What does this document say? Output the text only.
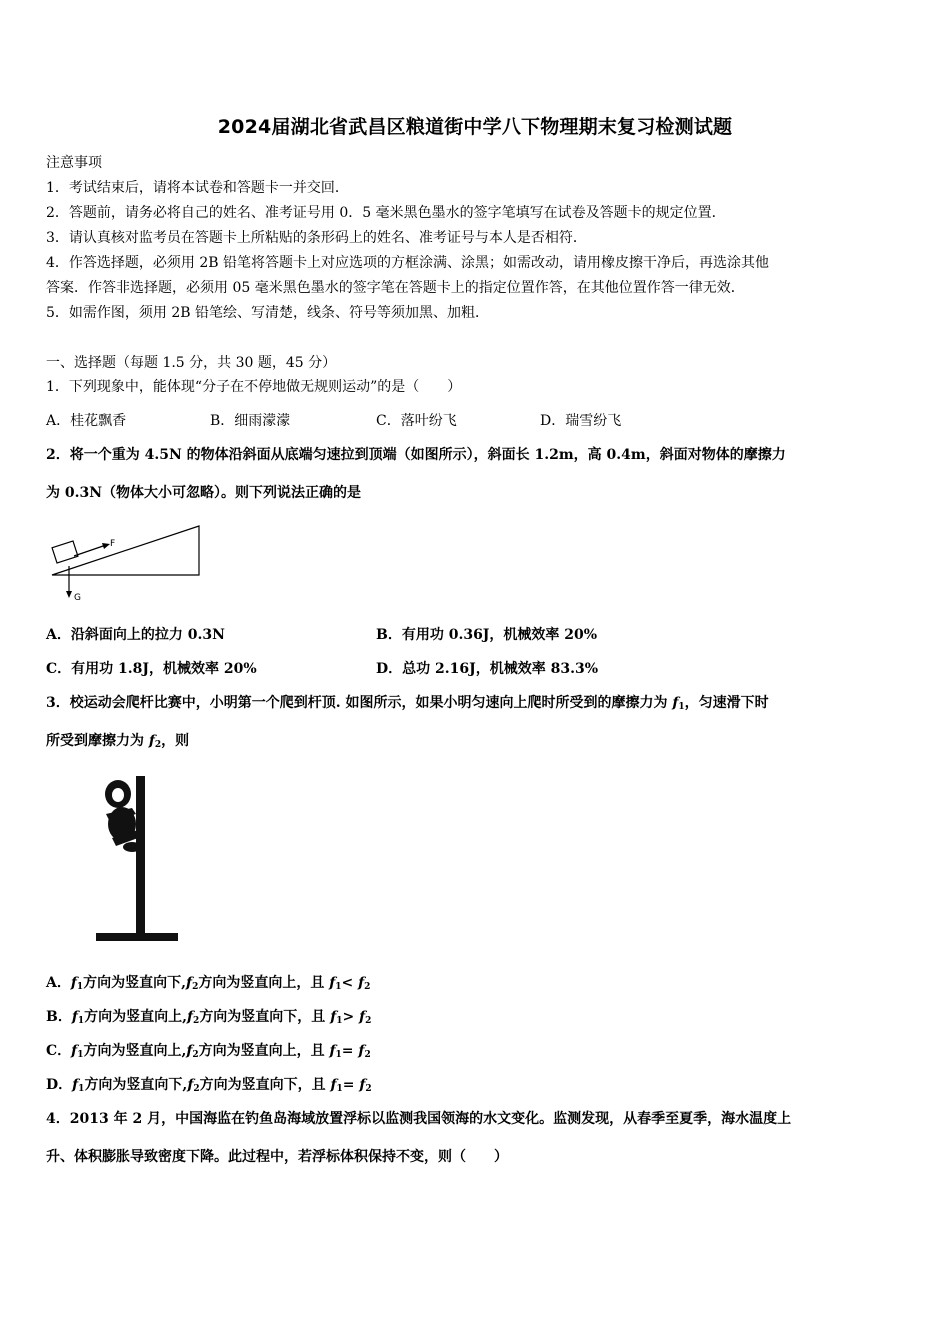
2024届湖北省武昌区粮道街中学八下物理期末复习检测试题
注意事项
1．考试结束后，请将本试卷和答题卡一并交回．
2．答题前，请务必将自己的姓名、准考证号用 0．5 毫米黑色墨水的签字笔填写在试卷及答题卡的规定位置．
3．请认真核对监考员在答题卡上所粘贴的条形码上的姓名、准考证号与本人是否相符．
4．作答选择题，必须用 2B 铅笔将答题卡上对应选项的方框涂满、涂黑；如需改动，请用橡皮擦干净后，再选涂其他
答案．作答非选择题，必须用 05 毫米黑色墨水的签字笔在答题卡上的指定位置作答，在其他位置作答一律无效．
5．如需作图，须用 2B 铅笔绘、写清楚，线条、符号等须加黑、加粗．
一、选择题（每题 1.5 分，共 30 题，45 分）
1．下列现象中，能体现“分子在不停地做无规则运动”的是（　　）
A．桂花飘香	B．细雨濛濛	C．落叶纷飞	D．瑞雪纷飞
2．将一个重为 4.5N 的物体沿斜面从底端匀速拉到顶端（如图所示），斜面长 1.2m，高 0.4m，斜面对物体的摩擦力
为 0.3N（物体大小可忽略）。则下列说法正确的是
F
G
A．沿斜面向上的拉力 0.3N	B．有用功 0.36J，机械效率 20%
C．有用功 1.8J，机械效率 20%	D．总功 2.16J，机械效率 83.3%
3．校运动会爬杆比赛中，小明第一个爬到杆顶. 如图所示，如果小明匀速向上爬时所受到的摩擦力为 $f_1$，匀速滑下时
所受到摩擦力为 $f_2$，则
A．$f_1$方向为竖直向下$,f_2$方向为竖直向上，且 $f_1< f_2$
B．$f_1$方向为竖直向上$,f_2$方向为竖直向下，且 $f_1> f_2$
C．$f_1$方向为竖直向上$,f_2$方向为竖直向上，且 $f_1= f_2$
D．$f_1$方向为竖直向下$,f_2$方向为竖直向下，且 $f_1= f_2$
4．2013 年 2 月，中国海监在钓鱼岛海域放置浮标以监测我国领海的水文变化。监测发现，从春季至夏季，海水温度上
升、体积膨胀导致密度下降。此过程中，若浮标体积保持不变，则（　　）
